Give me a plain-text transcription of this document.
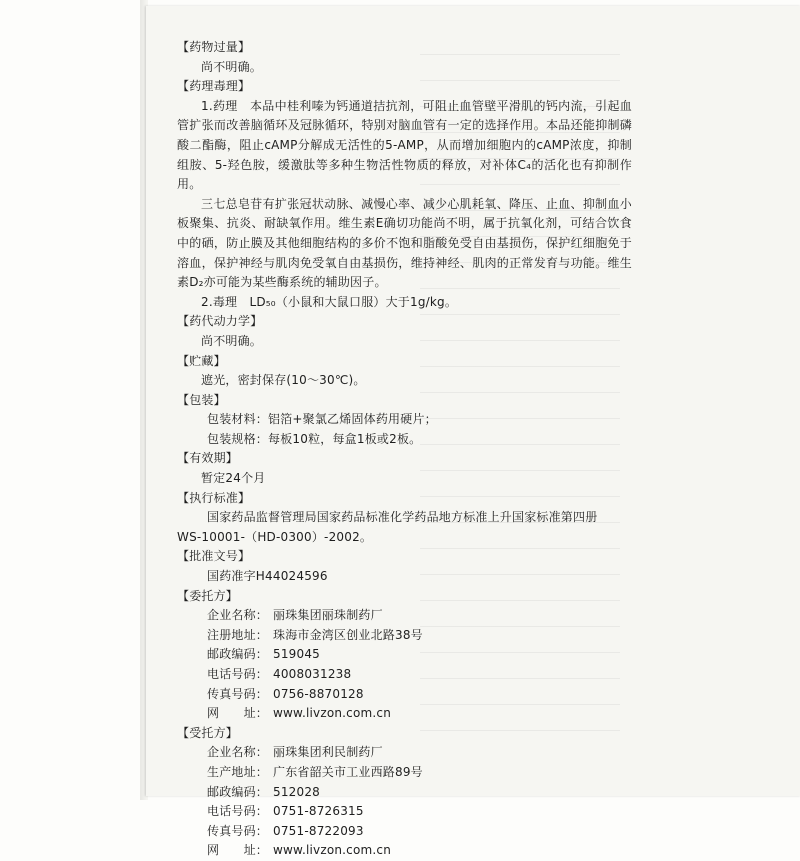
【药物过量】
尚不明确。
【药理毒理】
1.药理　本品中桂利嗪为钙通道拮抗剂，可阻止血管壁平滑肌的钙内流，引起血管扩张而改善脑循环及冠脉循环，特别对脑血管有一定的选择作用。本品还能抑制磷酸二酯酶，阻止cAMP分解成无活性的5-AMP，从而增加细胞内的cAMP浓度，抑制组胺、5-羟色胺，缓激肽等多种生物活性物质的释放，对补体C₄的活化也有抑制作用。
三七总皂苷有扩张冠状动脉、减慢心率、减少心肌耗氧、降压、止血、抑制血小板聚集、抗炎、耐缺氧作用。维生素E确切功能尚不明，属于抗氧化剂，可结合饮食中的硒，防止膜及其他细胞结构的多价不饱和脂酸免受自由基损伤，保护红细胞免于溶血，保护神经与肌肉免受氧自由基损伤，维持神经、肌肉的正常发育与功能。维生素D₂亦可能为某些酶系统的辅助因子。
2.毒理　LD₅₀（小鼠和大鼠口服）大于1g/kg。
【药代动力学】
尚不明确。
【贮藏】
遮光，密封保存(10～30℃)。
【包装】
包装材料：铝箔+聚氯乙烯固体药用硬片；
包装规格：每板10粒，每盒1板或2板。
【有效期】
暂定24个月
【执行标准】
国家药品监督管理局国家药品标准化学药品地方标准上升国家标准第四册
WS-10001-（HD-0300）-2002。
【批准文号】
国药准字H44024596
【委托方】
企业名称： 丽珠集团丽珠制药厂
注册地址： 珠海市金湾区创业北路38号
邮政编码： 519045
电话号码： 4008031238
传真号码： 0756-8870128
网　　址： www.livzon.com.cn
【受托方】
企业名称： 丽珠集团利民制药厂
生产地址： 广东省韶关市工业西路89号
邮政编码： 512028
电话号码： 0751-8726315
传真号码： 0751-8722093
网　　址： www.livzon.com.cn
